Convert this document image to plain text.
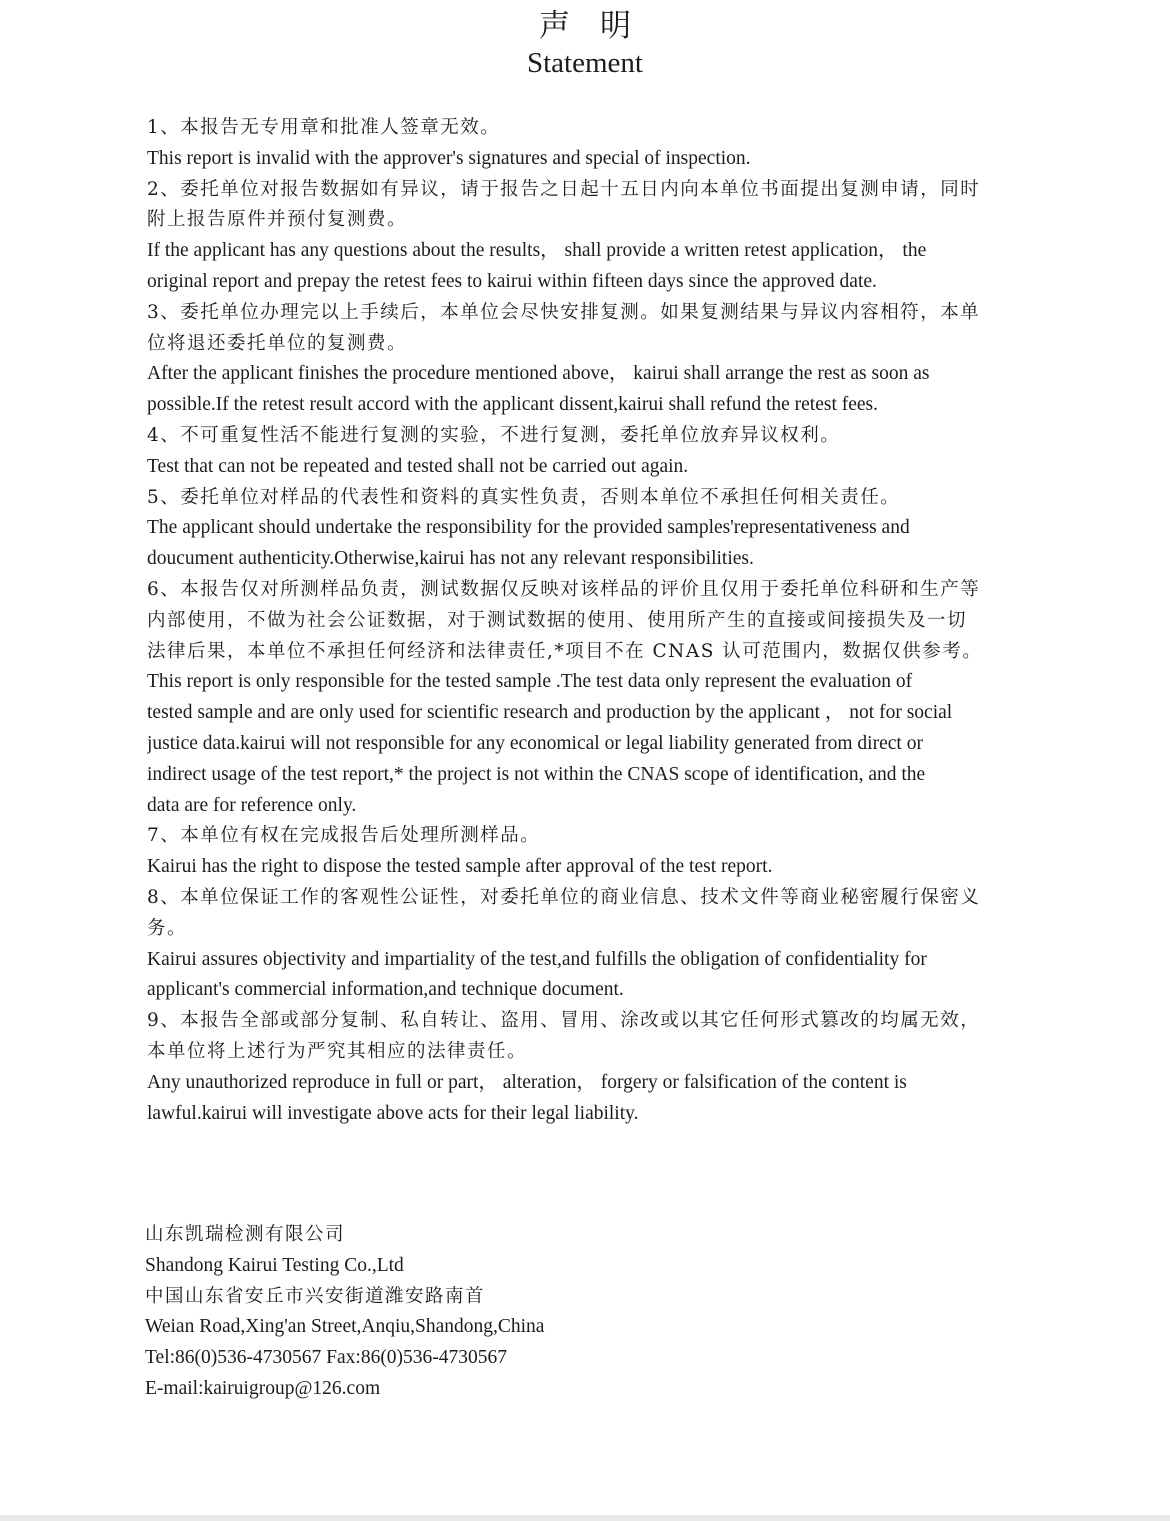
声明
Statement
1、本报告无专用章和批准人签章无效。
This report is invalid with the approver's signatures and special of inspection.
2、委托单位对报告数据如有异议，请于报告之日起十五日内向本单位书面提出复测申请，同时
附上报告原件并预付复测费。
If the applicant has any questions about the results， shall provide a written retest application， the
original report and prepay the retest fees to kairui within fifteen days since the approved date.
3、委托单位办理完以上手续后，本单位会尽快安排复测。如果复测结果与异议内容相符，本单
位将退还委托单位的复测费。
After the applicant finishes the procedure mentioned above， kairui shall arrange the rest as soon as
possible.If the retest result accord with the applicant dissent,kairui shall refund the retest fees.
4、不可重复性活不能进行复测的实验，不进行复测，委托单位放弃异议权利。
Test that can not be repeated and tested shall not be carried out again.
5、委托单位对样品的代表性和资料的真实性负责，否则本单位不承担任何相关责任。
The applicant should undertake the responsibility for the provided samples'representativeness and
doucument authenticity.Otherwise,kairui has not any relevant responsibilities.
6、本报告仅对所测样品负责，测试数据仅反映对该样品的评价且仅用于委托单位科研和生产等
内部使用，不做为社会公证数据，对于测试数据的使用、使用所产生的直接或间接损失及一切
法律后果，本单位不承担任何经济和法律责任,*项目不在 CNAS 认可范围内，数据仅供参考。
This report is only responsible for the tested sample .The test data only represent the evaluation of
tested sample and are only used for scientific research and production by the applicant ， not for social
justice data.kairui will not responsible for any economical or legal liability generated from direct or
indirect usage of the test report,* the project is not within the CNAS scope of identification, and the
data are for reference only.
7、本单位有权在完成报告后处理所测样品。
Kairui has the right to dispose the tested sample after approval of the test report.
8、本单位保证工作的客观性公证性，对委托单位的商业信息、技术文件等商业秘密履行保密义
务。
Kairui assures objectivity and impartiality of the test,and fulfills the obligation of confidentiality for
applicant's commercial information,and technique document.
9、本报告全部或部分复制、私自转让、盗用、冒用、涂改或以其它任何形式篡改的均属无效，
本单位将上述行为严究其相应的法律责任。
Any unauthorized reproduce in full or part， alteration， forgery or falsification of the content is
lawful.kairui will investigate above acts for their legal liability.
山东凯瑞检测有限公司
Shandong Kairui Testing Co.,Ltd
中国山东省安丘市兴安街道潍安路南首
Weian Road,Xing'an Street,Anqiu,Shandong,China
Tel:86(0)536-4730567 Fax:86(0)536-4730567
E-mail:kairuigroup@126.com
